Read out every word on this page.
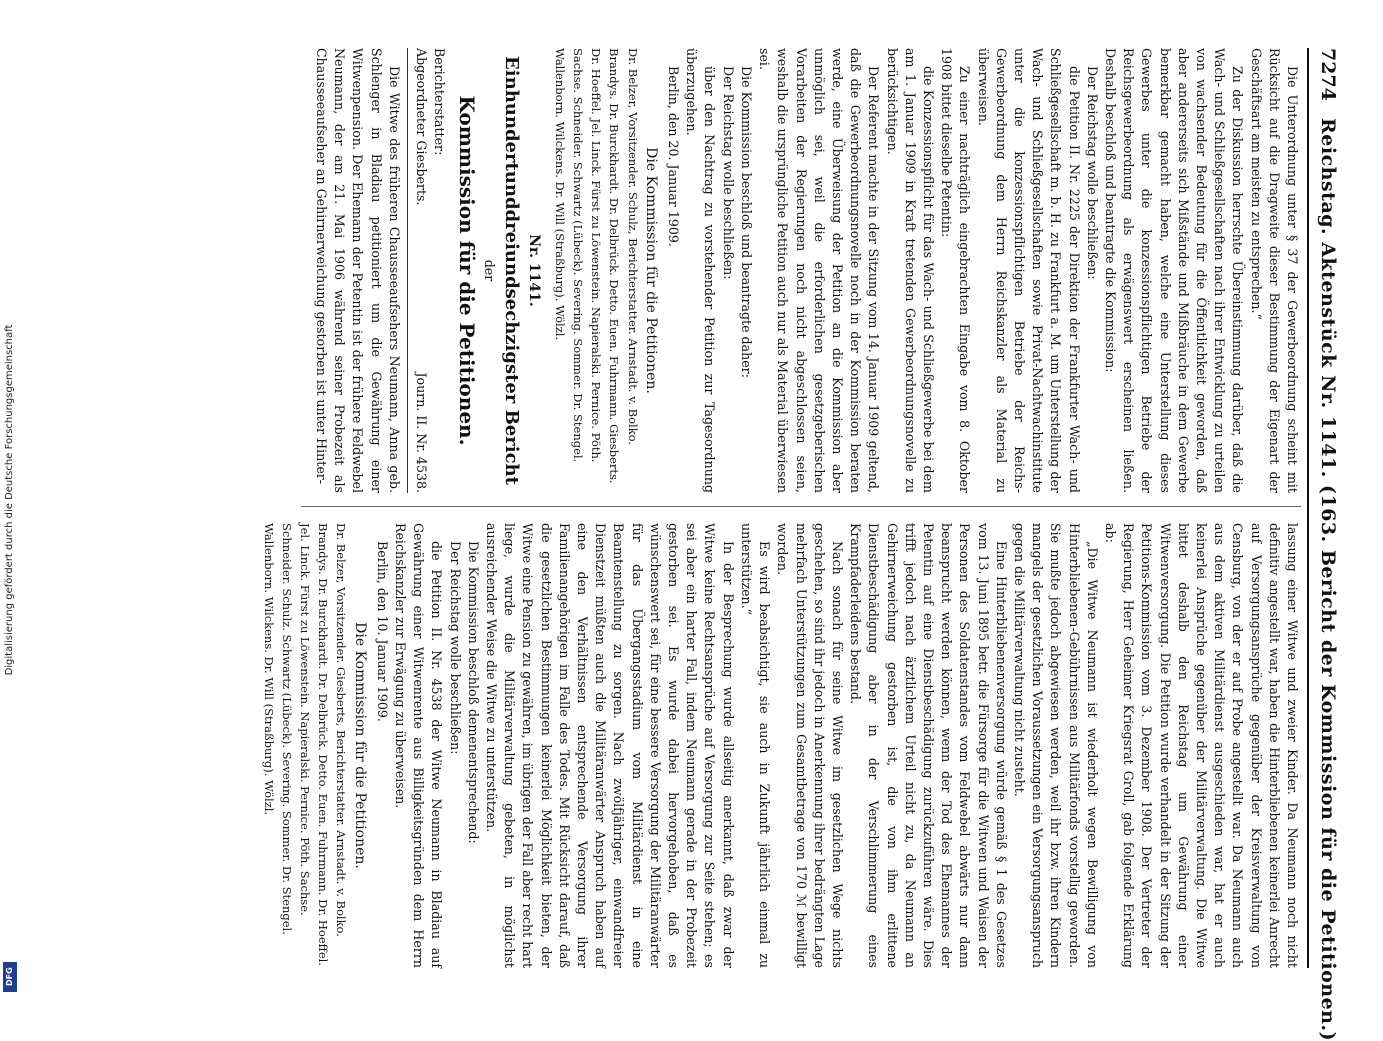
Digitalisierung gefördert durch die Deutsche Forschungsgemeinschaft
DFG
7274
Reichstag. Aktenstück Nr. 1141. (163. Bericht der Kommission für die Petitionen.)

Die Unterordnung unter § 37 der Gewerbeordnung scheint mit Rücksicht auf die Dragweite dieser Bestimmung der Eigenart der Geschäftsart am meisten zu entsprechen.“

Zu der Diskussion herrschte Übereinstimmung darüber, daß die Wach- und Schließgesellschaften nach ihrer Entwicklung zu urteilen von wachsender Bedeutung für die Öffentlichkeit geworden, daß aber andererseits sich Mißstände und Mißbräuche in dem Gewerbe bemerkbar gemacht haben, welche eine Unterstellung dieses Gewerbes unter die konzessionspflichtigen Betriebe der Reichsgewerbeordnung als erwägenswert erscheinen ließen. Deshalb beschloß und beantragte die Kommission:

Der Reichstag wolle beschließen:

die Petition II. Nr. 2225 der Direktion der Frankfurter Wach- und Schließgesellschaft m. b. H. zu Frankfurt a. M. um Unterstellung der Wach- und Schließgesellschaften sowie Privat-Nachtwachinstitute unter die konzessionspflichtigen Betriebe der Reichs-Gewerbeordnung dem Herrn Reichskanzler als Material zu überweisen.

Zu einer nachträglich eingebrachten Eingabe vom 8. Oktober 1908 bittet dieselbe Petentin:

die Konzessionspflicht für das Wach- und Schließgewerbe bei dem am 1. Januar 1909 in Kraft tretenden Gewerbeordnungsnovelle zu berücksichtigen.

Der Referent machte in der Sitzung vom 14. Januar 1909 geltend, daß die Gewerbeordnungsnovelle noch in der Kommission beraten werde, eine Überweisung der Petition an die Kommission aber unmöglich sei, weil die erforderlichen gesetzgeberischen Vorarbeiten der Regierungen noch nicht abgeschlossen seien, weshalb die ursprüngliche Petition auch nur als Material überwiesen sei.

Die Kommission beschloß und beantragte daher:

Der Reichstag wolle beschließen:

über den Nachtrag zu vorstehender Petition zur Tagesordnung überzugehen.

Berlin, den 20. Januar 1909.

Die Kommission für die Petitionen.

Dr. Belzer, Vorsitzender. Schulz, Berichterstatter. Arnstadt. v. Bolko. Brandys. Dr. Burckhardt. Dr. Delbrück. Detto. Euen. Fuhrmann. Giesberts. Dr. Hoeffel. Jel. Linck. Fürst zu Löwenstein. Napieralski. Pernice. Pöth. Sachse. Schneider. Schwartz (Lübeck). Severing. Sommer. Dr. Stengel. Wallenborn. Wilckens. Dr. Will (Straßburg). Wölzl.

Nr. 1141.

Einhundertunddreiundsechzigster Bericht

der

Kommission für die Petitionen.

Berichterstatter:

Abgeordneter Giesberts.
Journ. II. Nr. 4538.

Die Witwe des früheren Chausseeaufsehers Neumann, Anna geb. Schlenger in Bladiau petitioniert um die Gewährung einer Witwenpension. Der Ehemann der Petentin ist der frühere Feldwebel Neumann, der am 21. Mai 1906 während seiner Probezeit als Chausseeaufseher an Gehirnerweichung gestorben ist unter Hinter-

lassung einer Witwe und zweier Kinder. Da Neumann noch nicht definitiv angestellt war, haben die Hinterbliebenen keinerlei Anrecht auf Versorgungsansprüche gegenüber der Kreisverwaltung von Censburg, von der er auf Probe angestellt war. Da Neumann auch aus dem aktiven Militärdienst ausgeschieden war, hat er auch keinerlei Ansprüche gegenüber der Militärverwaltung. Die Witwe bittet deshalb den Reichstag um Gewährung einer Witwenversorgung. Die Petition wurde verhandelt in der Sitzung der Petitions-Kommission vom 3. Dezember 1908. Der Vertreter der Regierung, Herr Geheimer Kriegsrat Groll, gab folgende Erklärung ab:

„Die Witwe Neumann ist wiederholt wegen Bewilligung von Hinterbliebenen-Gebührnissen aus Militärfonds vorstellig geworden. Sie mußte jedoch abgewiesen werden, weil ihr bzw. ihren Kindern mangels der gesetzlichen Voraussetzungen ein Versorgungsanspruch gegen die Militärverwaltung nicht zusteht.

Eine Hinterbliebenenversorgung würde gemäß § 1 des Gesetzes vom 13. Juni 1895 betr. die Fürsorge für die Witwen und Waisen der Personen des Soldatenstandes vom Feldwebel abwärts nur dann beansprucht werden können, wenn der Tod des Ehemannes der Petentin auf eine Dienstbeschädigung zurückzuführen wäre. Dies trifft jedoch nach ärztlichem Urteil nicht zu, da Neumann an Gehirnerweichung gestorben ist, die von ihm erlittene Dienstbeschädigung aber in der Verschlimmerung eines Krampfaderleidens bestand.

Nach sonach für seine Witwe im gesetzlichen Wege nichts geschehen, so sind ihr jedoch in Anerkennung ihrer bedrängten Lage mehrfach Unterstützungen zum Gesamtbetrage von 170 ℳ bewilligt worden.

Es wird beabsichtigt, sie auch in Zukunft jährlich einmal zu unterstützen.“

In der Besprechung wurde allseitig anerkannt, daß zwar der Witwe keine Rechtsansprüche auf Versorgung zur Seite stehen; es sei aber ein harter Fall, indem Neumann gerade in der Probezeit gestorben sei. Es wurde dabei hervorgehoben, daß es wünschenswert sei, für eine bessere Versorgung der Militäranwärter für das Übergangsstadium vom Militärdienst in eine Beamtenstellung zu sorgen. Nach zwölfjähriger, einwandfreier Dienstzeit müßten auch die Militäranwärter Anspruch haben auf eine den Verhältnissen entsprechende Versorgung ihrer Familienangehörigen im Falle des Todes. Mit Rücksicht darauf, daß die gesetzlichen Bestimmungen keinerlei Möglichkeit bieten, der Witwe eine Pension zu gewähren, im übrigen der Fall aber recht hart liege, wurde die Militärverwaltung gebeten, in möglichst ausreichender Weise die Witwe zu unterstützen.

Die Kommission beschloß demenentsprechend:

Der Reichstag wolle beschließen:

die Petition II. Nr. 4538 der Witwe Neumann in Bladiau auf Gewährung einer Witwenrente aus Billigkeitsgründen dem Herrn Reichskanzler zur Erwägung zu überweisen.

Berlin, den 10. Januar 1909.

Die Kommission für die Petitionen.

Dr. Belzer, Vorsitzender. Giesberts, Berichterstatter. Arnstadt. v. Bolko. Brandys. Dr. Burckhardt. Dr. Delbrück. Detto. Euen. Fuhrmann. Dr. Hoeffel. Jel. Linck. Fürst zu Löwenstein. Napieralski. Pernice. Pöth. Sachse. Schneider. Schulz. Schwartz (Lübeck). Severing. Sommer. Dr. Stengel. Wallenborn. Wilckens. Dr. Will (Straßburg). Wölzl.
